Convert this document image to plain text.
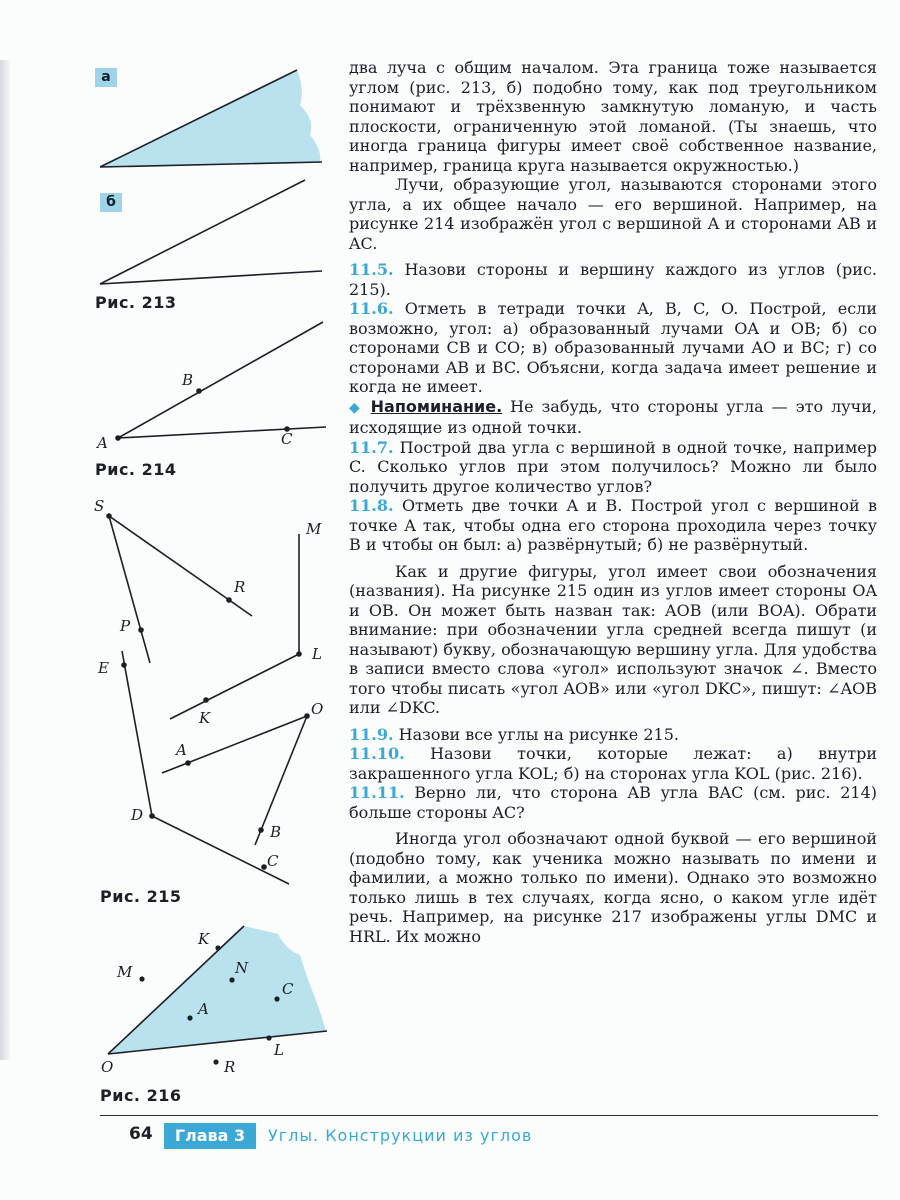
а
б
Рис. 213
B
A	C
Рис. 214
S
M
R
P
E
L
K	O
A
D
B
C
Рис. 215
K
M	N
C
A
L
O	R
Рис. 216

два луча с общим началом. Эта граница тоже называется углом (рис. 213, б) подобно тому, как под треугольником понимают и трёхзвенную замкнутую ломаную, и часть плоскости, ограниченную этой ломаной. (Ты знаешь, что иногда граница фигуры имеет своё собственное название, например, граница круга называется окружностью.)

Лучи, образующие угол, называются сторонами этого угла, а их общее начало — его вершиной. Например, на рисунке 214 изображён угол с вершиной A и сторонами AB и AC.

11.5. Назови стороны и вершину каждого из углов (рис. 215).

11.6. Отметь в тетради точки A, B, C, O. Построй, если возможно, угол: а) образованный лучами OA и OB; б) со сторонами CB и CO; в) образованный лучами AO и BC; г) со сторонами AB и BC. Объясни, когда задача имеет решение и когда не имеет.

◆ Напоминание. Не забудь, что стороны угла — это лучи, исходящие из одной точки.

11.7. Построй два угла с вершиной в одной точке, например C. Сколько углов при этом получилось? Можно ли было получить другое количество углов?

11.8. Отметь две точки A и B. Построй угол с вершиной в точке A так, чтобы одна его сторона проходила через точку B и чтобы он был: а) развёрнутый; б) не развёрнутый.

Как и другие фигуры, угол имеет свои обозначения (названия). На рисунке 215 один из углов имеет стороны OA и OB. Он может быть назван так: AOB (или BOA). Обрати внимание: при обозначении угла средней всегда пишут (и называют) букву, обозначающую вершину угла. Для удобства в записи вместо слова «угол» используют значок ∠. Вместо того чтобы писать «угол AOB» или «угол DKC», пишут: ∠AOB или ∠DKC.

11.9. Назови все углы на рисунке 215.

11.10. Назови точки, которые лежат: а) внутри закрашенного угла KOL; б) на сторонах угла KOL (рис. 216).

11.11. Верно ли, что сторона AB угла BAC (см. рис. 214) больше стороны AC?

Иногда угол обозначают одной буквой — его вершиной (подобно тому, как ученика можно называть по имени и фамилии, а можно только по имени). Однако это возможно только лишь в тех случаях, когда ясно, о каком угле идёт речь. Например, на рисунке 217 изображены углы DMC и HRL. Их можно

64	Глава 3	Углы. Конструкции из углов
